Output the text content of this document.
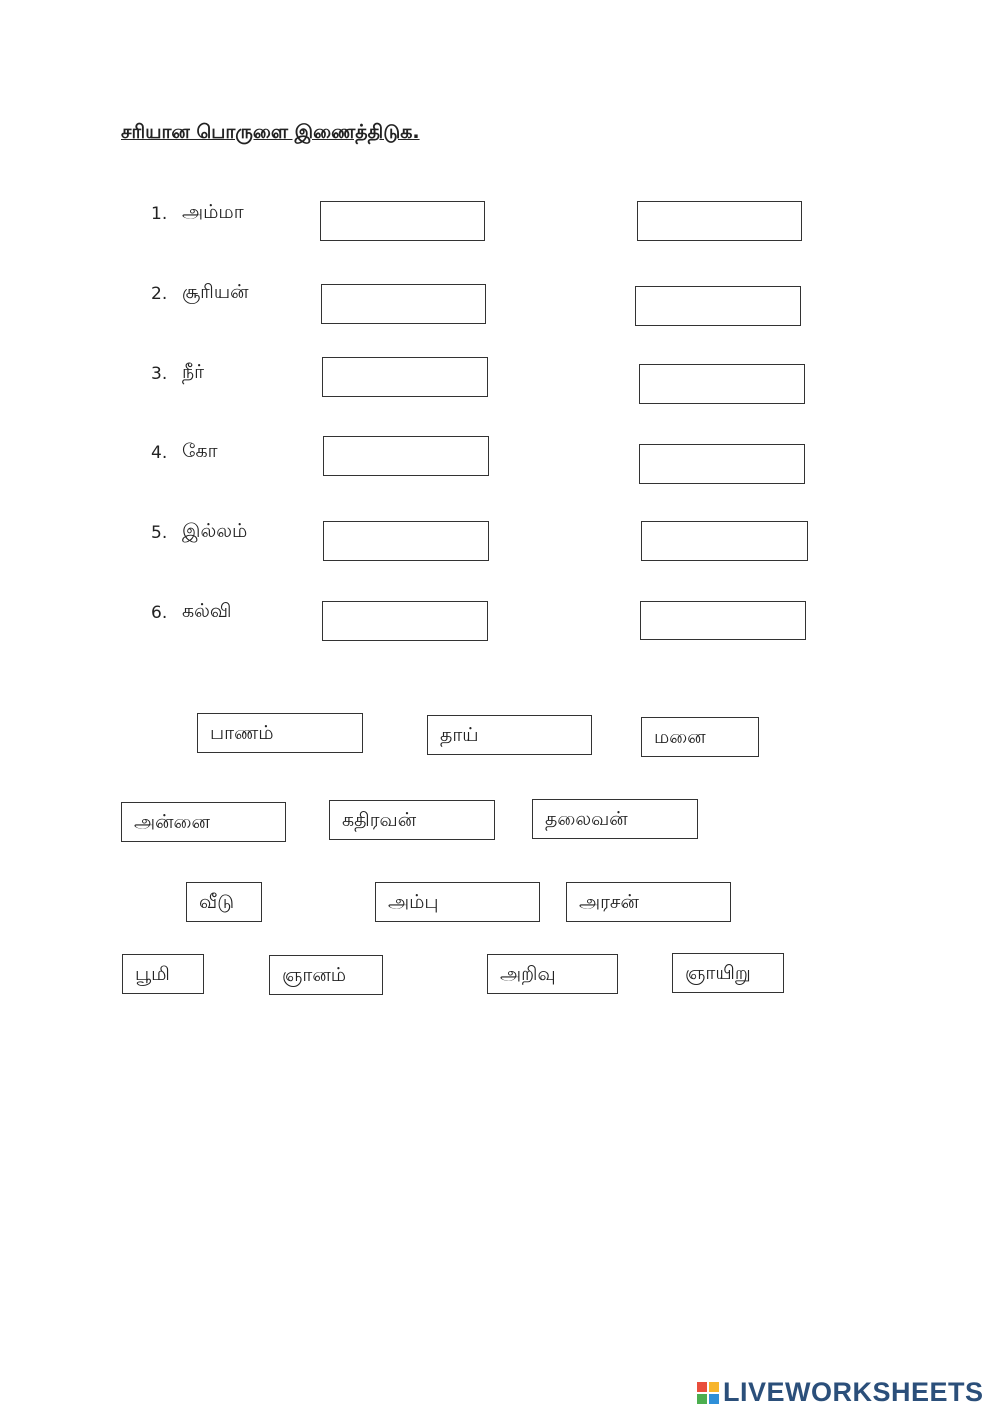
சரியான பொருளை இணைத்திடுக.
1. அம்மா
2. சூரியன்
3. நீர்
4. கோ
5. இல்லம்
6. கல்வி
பாணம்	தாய்	மனை
அன்னை	கதிரவன்	தலைவன்
வீடு	அம்பு	அரசன்
பூமி	ஞானம்	அறிவு	ஞாயிறு
LIVEWORKSHEETS
